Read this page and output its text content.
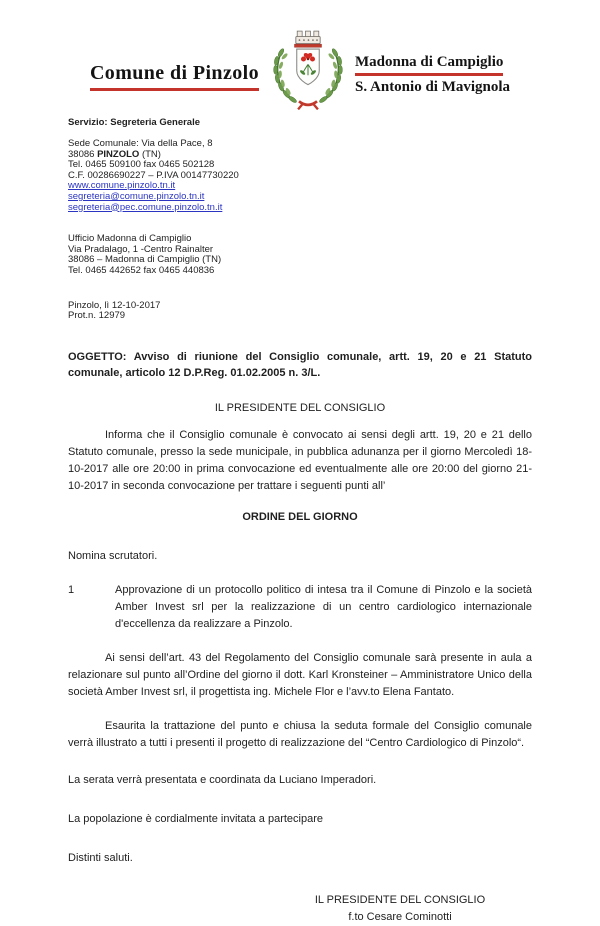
Comune di Pinzolo	Madonna di Campiglio
S. Antonio di Mavignola
Servizio: Segreteria Generale
Sede Comunale: Via della Pace, 8
38086 PINZOLO (TN)
Tel. 0465 509100 fax 0465 502128
C.F. 00286690227 – P.IVA 00147730220
www.comune.pinzolo.tn.it
segreteria@comune.pinzolo.tn.it
segreteria@pec.comune.pinzolo.tn.it
Ufficio Madonna di Campiglio
Via Pradalago, 1 -Centro Rainalter
38086 – Madonna di Campiglio (TN)
Tel. 0465 442652 fax 0465 440836
Pinzolo, lì 12-10-2017
Prot.n. 12979

OGGETTO: Avviso di riunione del Consiglio comunale, artt. 19, 20 e 21 Statuto comunale, articolo 12 D.P.Reg. 01.02.2005 n. 3/L.

IL PRESIDENTE DEL CONSIGLIO

Informa che il Consiglio comunale è convocato ai sensi degli artt. 19, 20 e 21 dello Statuto comunale, presso la sede municipale, in pubblica adunanza per il giorno Mercoledì 18-10-2017 alle ore 20:00 in prima convocazione ed eventualmente alle ore 20:00 del giorno 21-10-2017 in seconda convocazione per trattare i seguenti punti all’

ORDINE DEL GIORNO

Nomina scrutatori.

1	Approvazione di un protocollo politico di intesa tra il Comune di Pinzolo e la società Amber Invest srl per la realizzazione di un centro cardiologico internazionale d'eccellenza da realizzare a Pinzolo.

Ai sensi dell’art. 43 del Regolamento del Consiglio comunale sarà presente in aula a relazionare sul punto all’Ordine del giorno il dott. Karl Kronsteiner – Amministratore Unico della società Amber Invest srl, il progettista ing. Michele Flor e l’avv.to Elena Fantato.

Esaurita la trattazione del punto e chiusa la seduta formale del Consiglio comunale verrà illustrato a tutti i presenti il progetto di realizzazione del “Centro Cardiologico di Pinzolo“.

La serata verrà presentata e coordinata da Luciano Imperadori.

La popolazione è cordialmente invitata a partecipare

Distinti saluti.

IL PRESIDENTE DEL CONSIGLIO
f.to Cesare Cominotti
